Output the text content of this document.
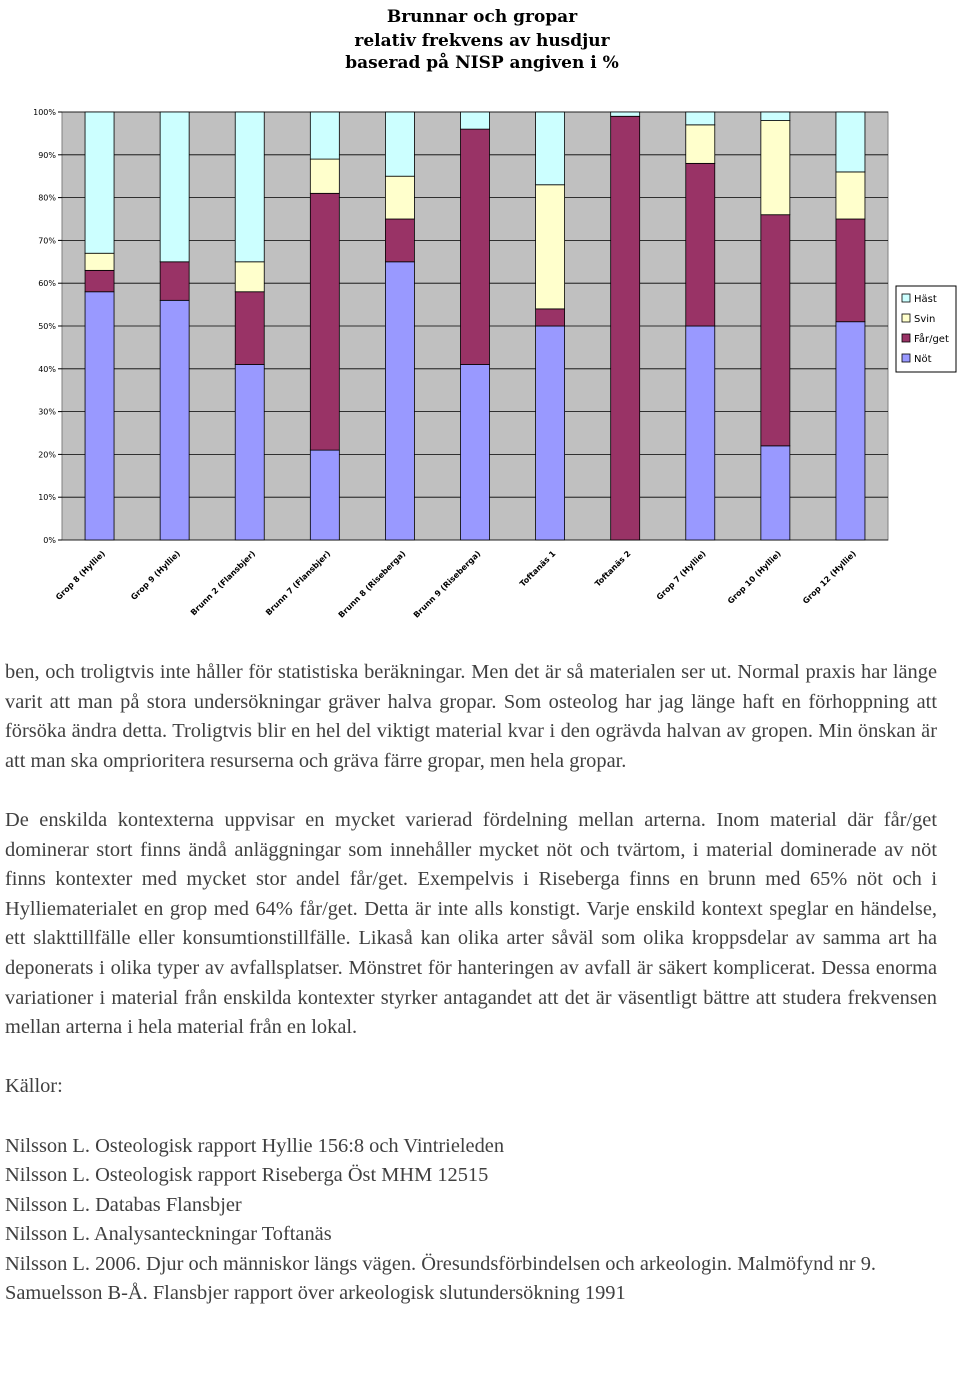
Brunnar och gropar
relativ frekvens av husdjur
baserad på NISP angiven i %
0%
10%
20%
30%
40%
50%
60%
70%
80%
90%
100%
Grop 8 (Hyllie)	Grop 9 (Hyllie) Brunn 2 (Flansbjer) Brunn 7 (Flansbjer) Brunn 8 (Riseberga) Brunn 9 (Riseberga)	Toftanäs 1	Toftanäs 2	Grop 7 (Hyllie) Grop 10 (Hyllie) Grop 12 (Hyllie)
Häst
Svin
Får/get
Nöt

ben, och troligtvis inte håller för statistiska beräkningar. Men det är så materialen ser ut. Normal praxis har länge varit att man på stora undersökningar gräver halva gropar. Som osteolog har jag länge haft en förhoppning att försöka ändra detta. Troligtvis blir en hel del viktigt material kvar i den ogrävda halvan av gropen. Min önskan är att man ska omprioritera resurserna och gräva färre gropar, men hela gropar.

De enskilda kontexterna uppvisar en mycket varierad fördelning mellan arterna. Inom material där får/get dominerar stort finns ändå anläggningar som innehåller mycket nöt och tvärtom, i material dominerade av nöt finns kontexter med mycket stor andel får/get. Exempelvis i Riseberga finns en brunn med 65% nöt och i Hylliematerialet en grop med 64% får/get. Detta är inte alls konstigt. Varje enskild kontext speglar en händelse, ett slakttillfälle eller konsumtionstillfälle. Likaså kan olika arter såväl som olika kroppsdelar av samma art ha deponerats i olika typer av avfallsplatser. Mönstret för hanteringen av avfall är säkert komplicerat. Dessa enorma variationer i material från enskilda kontexter styrker antagandet att det är väsentligt bättre att studera frekvensen mellan arterna i hela material från en lokal.

Källor:

Nilsson L. Osteologisk rapport Hyllie 156:8 och Vintrieleden

Nilsson L. Osteologisk rapport Riseberga Öst MHM 12515

Nilsson L. Databas Flansbjer

Nilsson L. Analysanteckningar Toftanäs

Nilsson L. 2006. Djur och människor längs vägen. Öresundsförbindelsen och arkeologin. Malmöfynd nr 9.

Samuelsson B-Å. Flansbjer rapport över arkeologisk slutundersökning 1991
